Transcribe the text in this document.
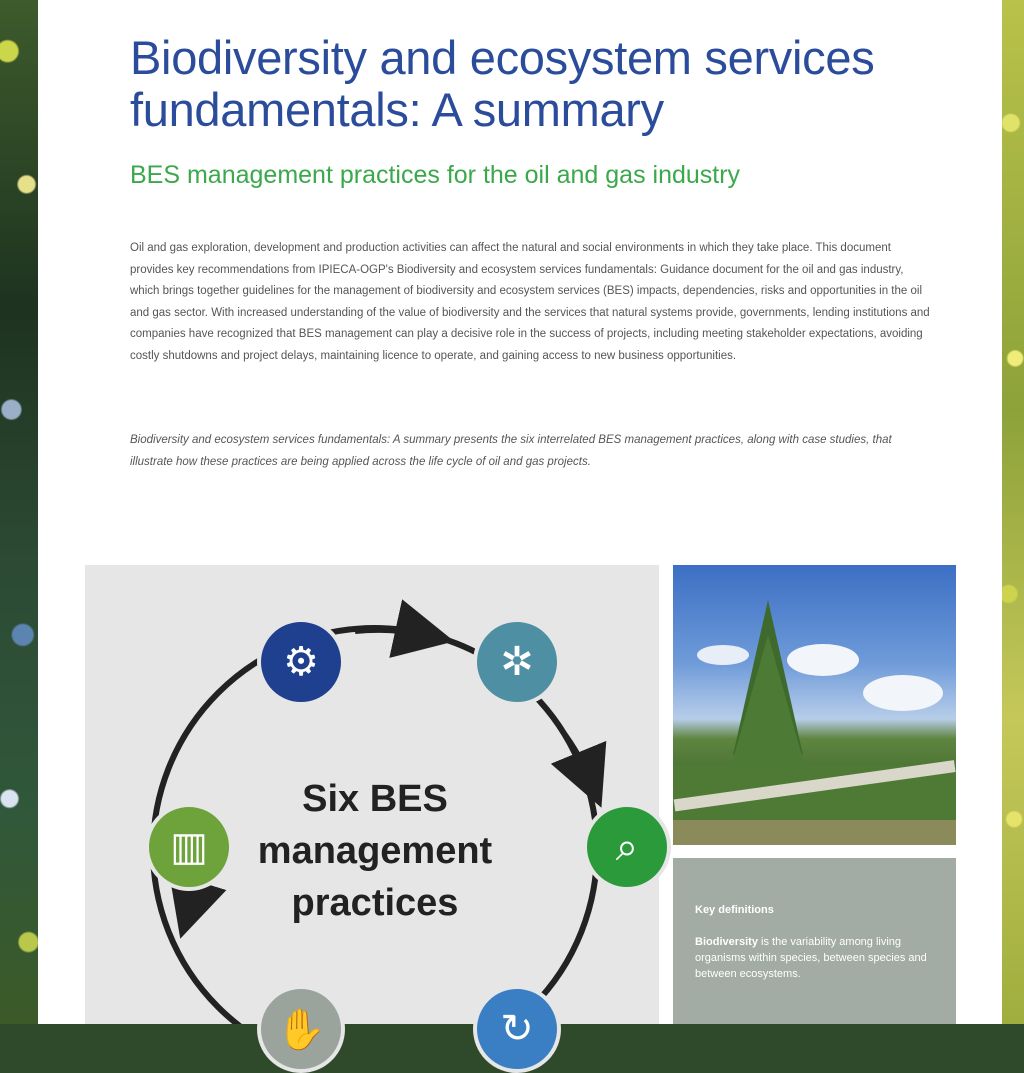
Biodiversity and ecosystem services fundamentals: A summary
BES management practices for the oil and gas industry

Oil and gas exploration, development and production activities can affect the natural and social environments in which they take place. This document provides key recommendations from IPIECA-OGP's Biodiversity and ecosystem services fundamentals: Guidance document for the oil and gas industry, which brings together guidelines for the management of biodiversity and ecosystem services (BES) impacts, dependencies, risks and opportunities in the oil and gas sector. With increased understanding of the value of biodiversity and the services that natural systems provide, governments, lending institutions and companies have recognized that BES management can play a decisive role in the success of projects, including meeting stakeholder expectations, avoiding costly shutdowns and project delays, maintaining licence to operate, and gaining access to new business opportunities.

Biodiversity and ecosystem services fundamentals: A summary presents the six interrelated BES management practices, along with case studies, that illustrate how these practices are being applied across the life cycle of oil and gas projects.

⚙	✲
⌕
↻
✋
▥
Six BES management practices	Key definitions
Biodiversity is the variability among living organisms within species, between species and between ecosystems.
